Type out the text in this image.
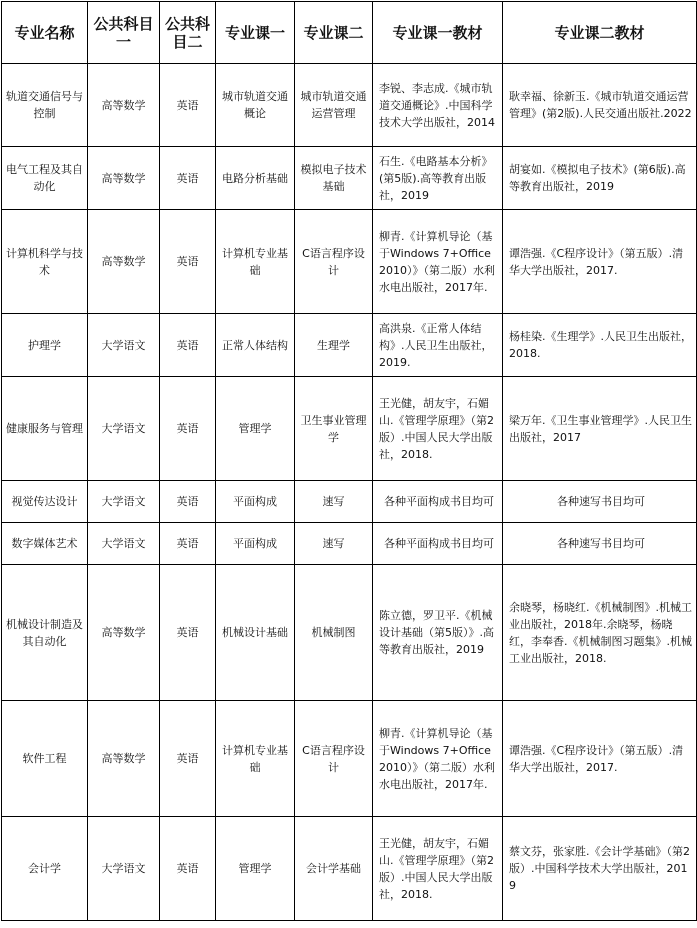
专业名称	公共科目一	公共科目二	专业课一	专业课二	专业课一教材	专业课二教材
轨道交通信号与控制	高等数学	英语	城市轨道交通概论	城市轨道交通运营管理	李锐、李志成.《城市轨道交通概论》.中国科学技术大学出版社，2014	耿幸福、徐新玉.《城市轨道交通运营管理》(第2版).人民交通出版社.2022
电气工程及其自动化	高等数学	英语	电路分析基础	模拟电子技术基础	石生.《电路基本分析》(第5版).高等教育出版社，2019	胡宴如.《模拟电子技术》(第6版).高等教育出版社，2019
计算机科学与技术	高等数学	英语	计算机专业基础	C语言程序设计	柳青.《计算机导论（基于Windows 7+Office 2010）》（第二版）水利水电出版社，2017年.	谭浩强.《C程序设计》（第五版）.清华大学出版社，2017.
护理学	大学语文	英语	正常人体结构	生理学	高洪泉.《正常人体结构》.人民卫生出版社，2019.	杨桂染.《生理学》.人民卫生出版社，2018.
健康服务与管理	大学语文	英语	管理学	卫生事业管理学	王光健，胡友宇，石媚山.《管理学原理》（第2版）.中国人民大学出版社，2018.	梁万年.《卫生事业管理学》.人民卫生出版社，2017
视觉传达设计	大学语文	英语	平面构成	速写	各种平面构成书目均可	各种速写书目均可
数字媒体艺术	大学语文	英语	平面构成	速写	各种平面构成书目均可	各种速写书目均可
机械设计制造及其自动化	高等数学	英语	机械设计基础	机械制图	陈立德，罗卫平.《机械设计基础（第5版）》.高等教育出版社，2019	余晓琴，杨晓红.《机械制图》.机械工业出版社，2018年.余晓琴，杨晓红，李奉香.《机械制图习题集》.机械工业出版社，2018.
软件工程	高等数学	英语	计算机专业基础	C语言程序设计	柳青.《计算机导论（基于Windows 7+Office 2010）》（第二版）水利水电出版社，2017年.	谭浩强.《C程序设计》（第五版）.清华大学出版社，2017.
会计学	大学语文	英语	管理学	会计学基础	王光健，胡友宇，石媚山.《管理学原理》（第2版）.中国人民大学出版社，2018.	蔡文芬，张家胜.《会计学基础》（第2版）.中国科学技术大学出版社，2019
